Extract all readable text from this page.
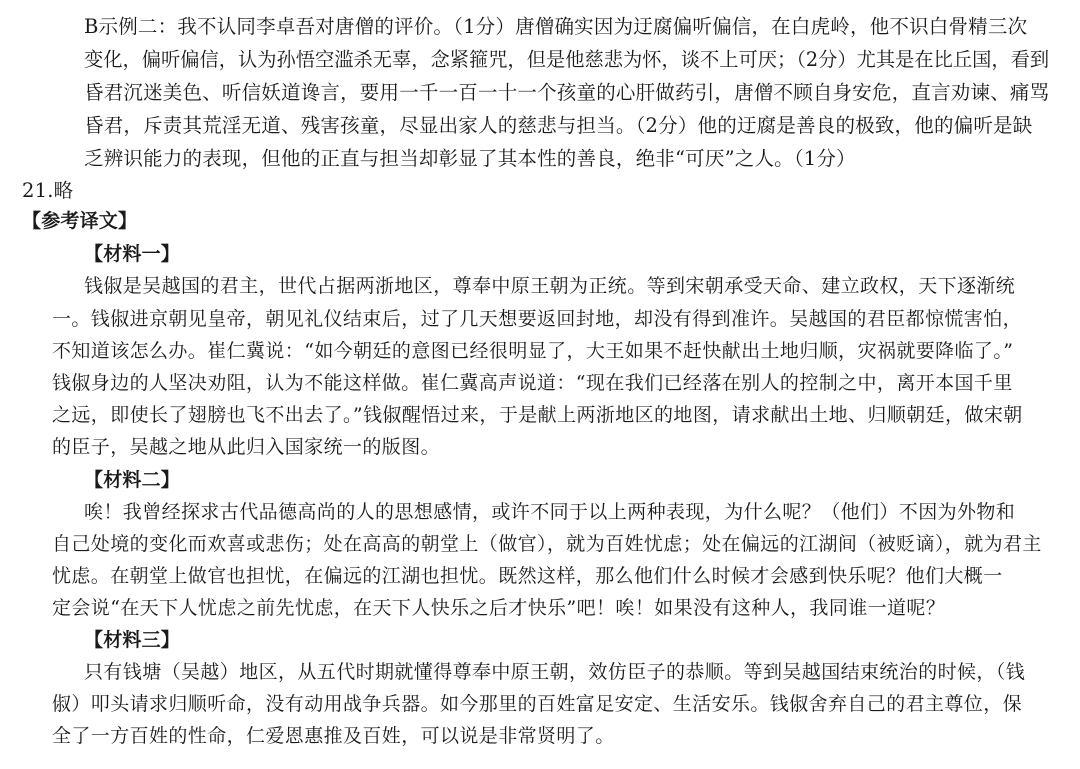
B示例二：我不认同李卓吾对唐僧的评价。（1分）唐僧确实因为迂腐偏听偏信，在白虎岭，他不识白骨精三次
变化，偏听偏信，认为孙悟空滥杀无辜，念紧箍咒，但是他慈悲为怀，谈不上可厌；（2分）尤其是在比丘国，看到
昏君沉迷美色、听信妖道谗言，要用一千一百一十一个孩童的心肝做药引，唐僧不顾自身安危，直言劝谏、痛骂
昏君，斥责其荒淫无道、残害孩童，尽显出家人的慈悲与担当。（2分）他的迂腐是善良的极致，他的偏听是缺
乏辨识能力的表现，但他的正直与担当却彰显了其本性的善良，绝非“可厌”之人。（1分）
21.略
【参考译文】
【材料一】
钱俶是吴越国的君主，世代占据两浙地区，尊奉中原王朝为正统。等到宋朝承受天命、建立政权，天下逐渐统
一。钱俶进京朝见皇帝，朝见礼仪结束后，过了几天想要返回封地，却没有得到准许。吴越国的君臣都惊慌害怕，
不知道该怎么办。崔仁冀说：“如今朝廷的意图已经很明显了，大王如果不赶快献出土地归顺，灾祸就要降临了。”
钱俶身边的人坚决劝阻，认为不能这样做。崔仁冀高声说道：“现在我们已经落在别人的控制之中，离开本国千里
之远，即使长了翅膀也飞不出去了。”钱俶醒悟过来，于是献上两浙地区的地图，请求献出土地、归顺朝廷，做宋朝
的臣子，吴越之地从此归入国家统一的版图。
【材料二】
唉！我曾经探求古代品德高尚的人的思想感情，或许不同于以上两种表现，为什么呢？（他们）不因为外物和
自己处境的变化而欢喜或悲伤；处在高高的朝堂上（做官），就为百姓忧虑；处在偏远的江湖间（被贬谪），就为君主
忧虑。在朝堂上做官也担忧，在偏远的江湖也担忧。既然这样，那么他们什么时候才会感到快乐呢？他们大概一
定会说“在天下人忧虑之前先忧虑，在天下人快乐之后才快乐”吧！唉！如果没有这种人，我同谁一道呢？
【材料三】
只有钱塘（吴越）地区，从五代时期就懂得尊奉中原王朝，效仿臣子的恭顺。等到吴越国结束统治的时候，（钱
俶）叩头请求归顺听命，没有动用战争兵器。如今那里的百姓富足安定、生活安乐。钱俶舍弃自己的君主尊位，保
全了一方百姓的性命，仁爱恩惠推及百姓，可以说是非常贤明了。
